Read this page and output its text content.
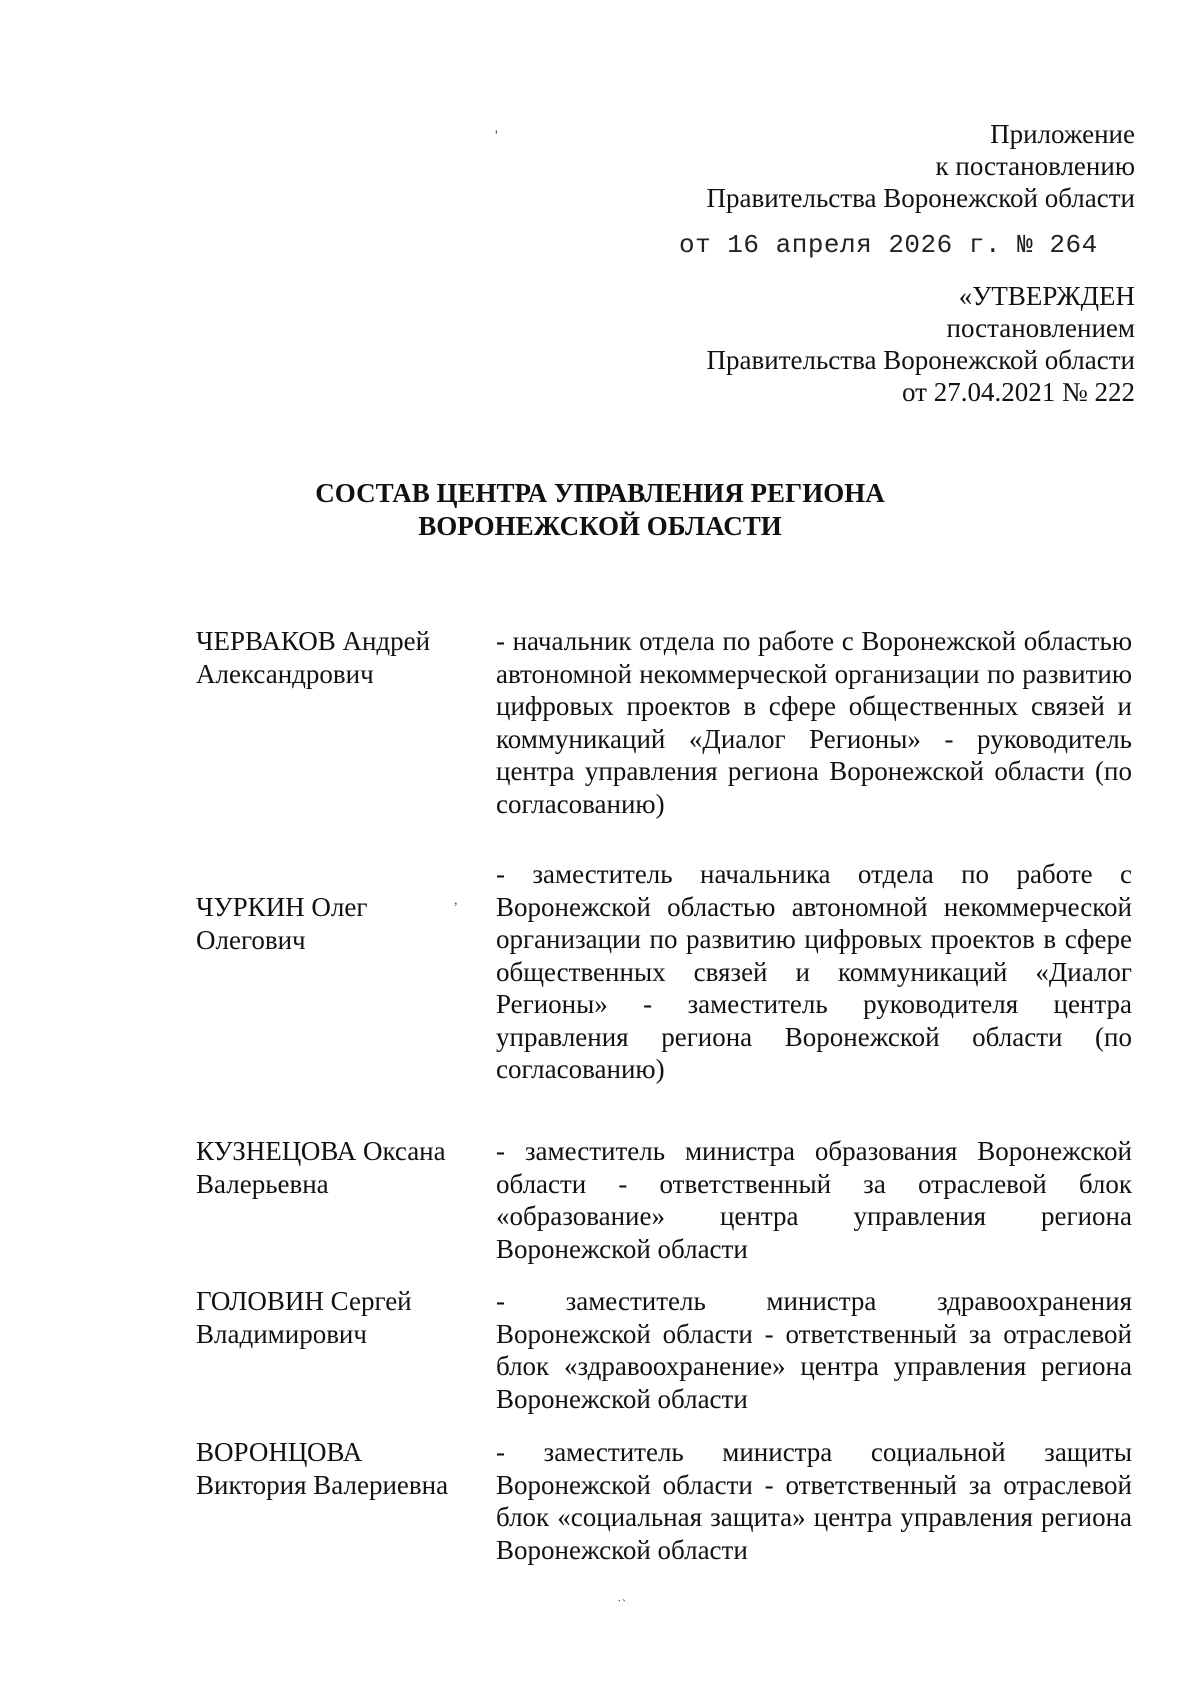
ˌ
,
˙ˋ
Приложение
к постановлению
Правительства Воронежской области
от 16 апреля 2026 г. № 264
«УТВЕРЖДЕН
постановлением
Правительства Воронежской области
от 27.04.2021 № 222
СОСТАВ ЦЕНТРА УПРАВЛЕНИЯ РЕГИОНА
ВОРОНЕЖСКОЙ ОБЛАСТИ
ЧЕРВАКОВ Андрей
Александрович
- начальник отдела по работе с Воронежской областью автономной некоммерческой организации по развитию цифровых проектов в сфере общественных связей и коммуникаций «Диалог Регионы» - руководитель центра управления региона Воронежской области (по согласованию)
ЧУРКИН Олег
Олегович
- заместитель начальника отдела по работе с Воронежской областью автономной некоммерческой организации по развитию цифровых проектов в сфере общественных связей и коммуникаций «Диалог Регионы» - заместитель руководителя центра управления региона Воронежской области (по согласованию)
КУЗНЕЦОВА Оксана
Валерьевна
- заместитель министра образования Воронежской области - ответственный за отраслевой блок «образование» центра управления региона Воронежской области
ГОЛОВИН Сергей
Владимирович
- заместитель министра здравоохранения Воронежской области - ответственный за отраслевой блок «здравоохранение» центра управления региона Воронежской области
ВОРОНЦОВА
Виктория Валериевна
- заместитель министра социальной защиты Воронежской области - ответственный за отраслевой блок «социальная защита» центра управления региона Воронежской области
